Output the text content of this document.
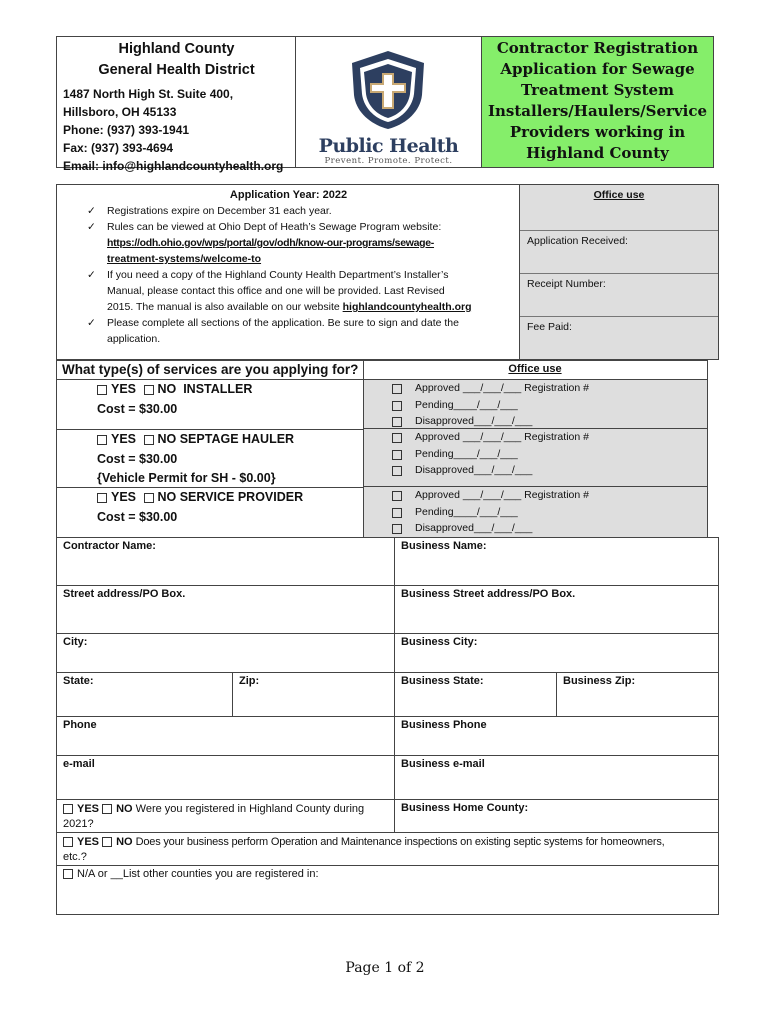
Highland County
General Health District
1487 North High St. Suite 400,
Hillsboro, OH 45133
Phone: (937) 393-1941
Fax: (937) 393-4694
Email: info@highlandcountyhealth.org
Public Health
Prevent. Promote. Protect.
Contractor Registration
Application for Sewage
Treatment System
Installers/Haulers/Service
Providers working in
Highland County
Application Year: 2022
✓ Registrations expire on December 31 each year.
✓ Rules can be viewed at Ohio Dept of Heath’s Sewage Program website:
https://odh.ohio.gov/wps/portal/gov/odh/know-our-programs/sewage-
treatment-systems/welcome-to
✓ If you need a copy of the Highland County Health Department’s Installer’s
Manual, please contact this office and one will be provided. Last Revised
2015. The manual is also available on our website highlandcountyhealth.org
✓ Please complete all sections of the application. Be sure to sign and date the
application.
Office use
Application Received:
Receipt Number:
Fee Paid:
What type(s) of services are you applying for?	Office use
YES NO INSTALLER
Cost = $30.00
Approved ___/___/___ Registration #
Pending____/___/___
Disapproved___/___/___
YES NO SEPTAGE HAULER
Cost = $30.00
{Vehicle Permit for SH - $0.00}
Approved ___/___/___ Registration #
Pending____/___/___
Disapproved___/___/___
YES NO SERVICE PROVIDER
Cost = $30.00
Approved ___/___/___ Registration #
Pending____/___/___
Disapproved___/___/___
Contractor Name:	Business Name:
Street address/PO Box.	Business Street address/PO Box.
City:	Business City:
State:	Zip:	Business State:	Business Zip:
Phone	Business Phone
e-mail	Business e-mail
YES NO Were you registered in Highland County during
2021?
Business Home County:
YES NO Does your business perform Operation and Maintenance inspections on existing septic systems for homeowners,
etc.?
N/A or __List other counties you are registered in:
Page 1 of 2
